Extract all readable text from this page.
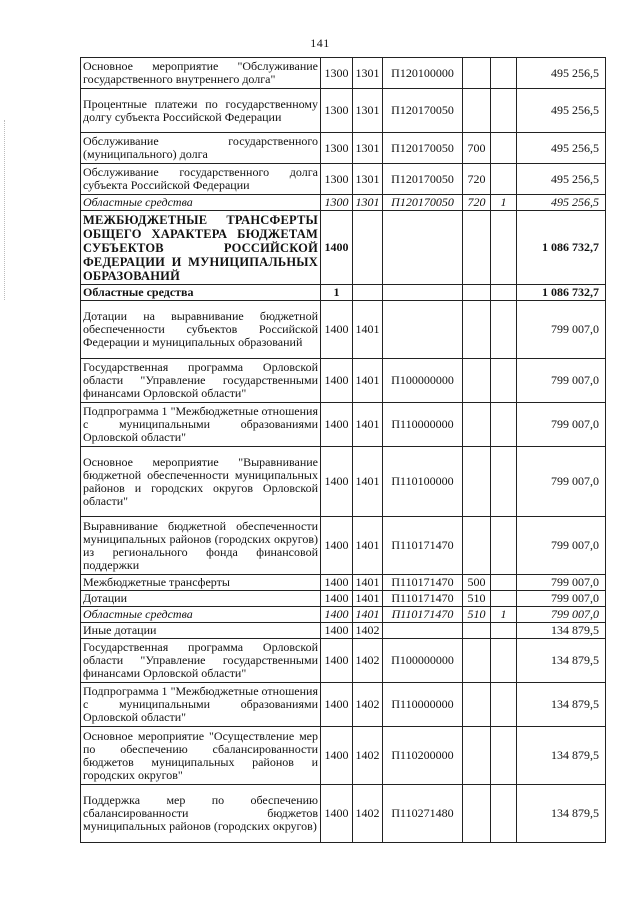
141
Основное мероприятие "Обслуживание государственного внутреннего долга"	1300	1301	П120100000			495 256,5
Процентные платежи по государственному долгу субъекта Российской Федерации	1300	1301	П120170050			495 256,5
Обслуживание государственного (муниципального) долга	1300	1301	П120170050	700		495 256,5
Обслуживание государственного долга субъекта Российской Федерации	1300	1301	П120170050	720		495 256,5
Областные средства	1300	1301	П120170050	720	1	495 256,5
МЕЖБЮДЖЕТНЫЕ ТРАНСФЕРТЫ ОБЩЕГО ХАРАКТЕРА БЮДЖЕТАМ СУБЪЕКТОВ РОССИЙСКОЙ ФЕДЕРАЦИИ И МУНИЦИПАЛЬНЫХ ОБРАЗОВАНИЙ	1400					1 086 732,7
Областные средства	1					1 086 732,7
Дотации на выравнивание бюджетной обеспеченности субъектов Российской Федерации и муниципальных образований	1400	1401				799 007,0
Государственная программа Орловской области "Управление государственными финансами Орловской области"	1400	1401	П100000000			799 007,0
Подпрограмма 1 "Межбюджетные отношения с муниципальными образованиями Орловской области"	1400	1401	П110000000			799 007,0
Основное мероприятие "Выравнивание бюджетной обеспеченности муниципальных районов и городских округов Орловской области"	1400	1401	П110100000			799 007,0
Выравнивание бюджетной обеспеченности муниципальных районов (городских округов) из регионального фонда финансовой поддержки	1400	1401	П110171470			799 007,0
Межбюджетные трансферты	1400	1401	П110171470	500		799 007,0
Дотации	1400	1401	П110171470	510		799 007,0
Областные средства	1400	1401	П110171470	510	1	799 007,0
Иные дотации	1400	1402				134 879,5
Государственная программа Орловской области "Управление государственными финансами Орловской области"	1400	1402	П100000000			134 879,5
Подпрограмма 1 "Межбюджетные отношения с муниципальными образованиями Орловской области"	1400	1402	П110000000			134 879,5
Основное мероприятие "Осуществление мер по обеспечению сбалансированности бюджетов муниципальных районов и городских округов"	1400	1402	П110200000			134 879,5
Поддержка мер по обеспечению сбалансированности бюджетов муниципальных районов (городских округов)	1400	1402	П110271480			134 879,5
